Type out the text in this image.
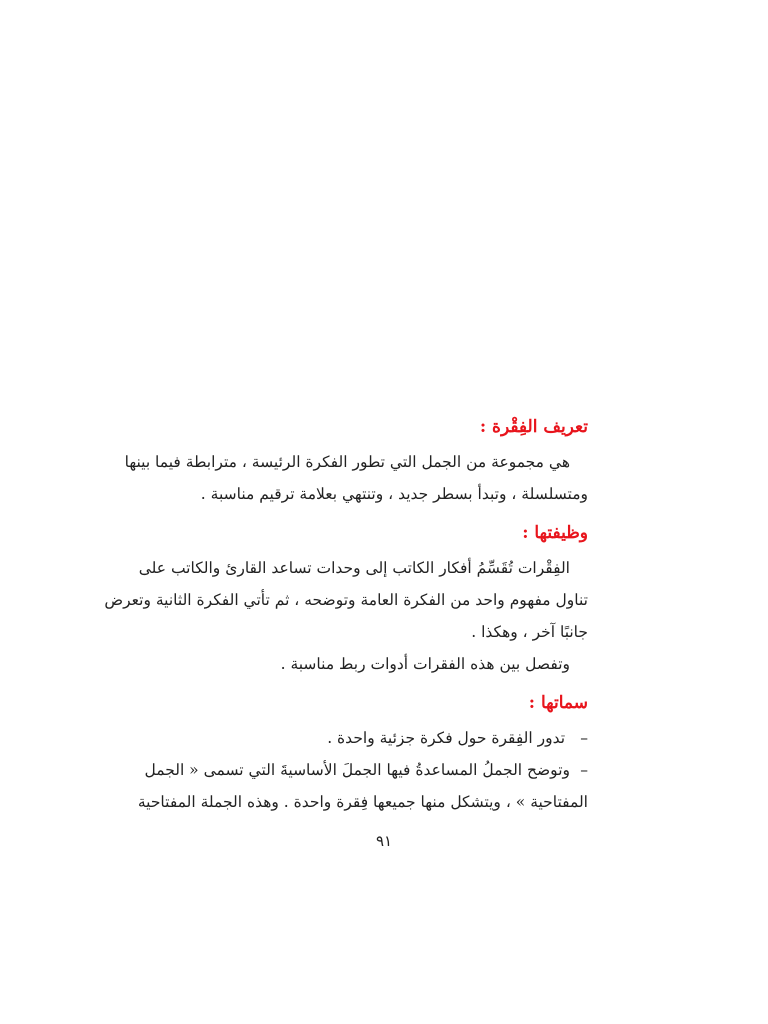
تعريف الفِقْرة :

هي مجموعة من الجمل التي تطور الفكرة الرئيسة ، مترابطة فيما بينها

ومتسلسلة ، وتبدأ بسطر جديد ، وتنتهي بعلامة ترقيم مناسبة .

وظيفتها :

الفِقْرات تُقَسِّمُ أفكار الكاتب إلى وحدات تساعد القارئ والكاتب على

تناول مفهوم واحد من الفكرة العامة وتوضحه ، ثم تأتي الفكرة الثانية وتعرض

جانبًا آخر ، وهكذا .

وتفصل بين هذه الفقرات أدوات ربط مناسبة .

سماتها :

– تدور الفِقرة حول فكرة جزئية واحدة .

–وتوضح الجملُ المساعدةُ فيها الجملَ الأساسيةَ التي تسمى « الجمل

المفتاحية » ، ويتشكل منها جميعها فِقرة واحدة . وهذه الجملة المفتاحية

٩١
